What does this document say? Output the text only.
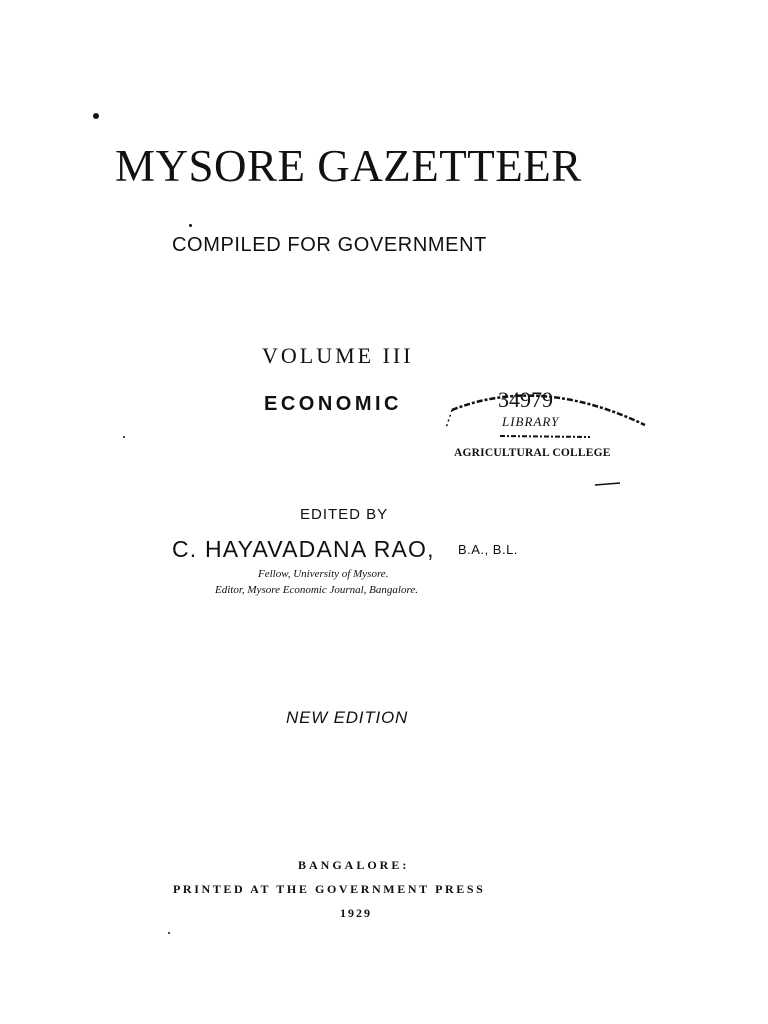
MYSORE GAZETTEER
COMPILED FOR GOVERNMENT
VOLUME III
ECONOMIC	34979
LIBRARY
AGRICULTURAL COLLEGE
EDITED BY
C. HAYAVADANA RAO, B.A., B.L.
Fellow, University of Mysore.
Editor, Mysore Economic Journal, Bangalore.
NEW EDITION
BANGALORE:
PRINTED AT THE GOVERNMENT PRESS
1929
